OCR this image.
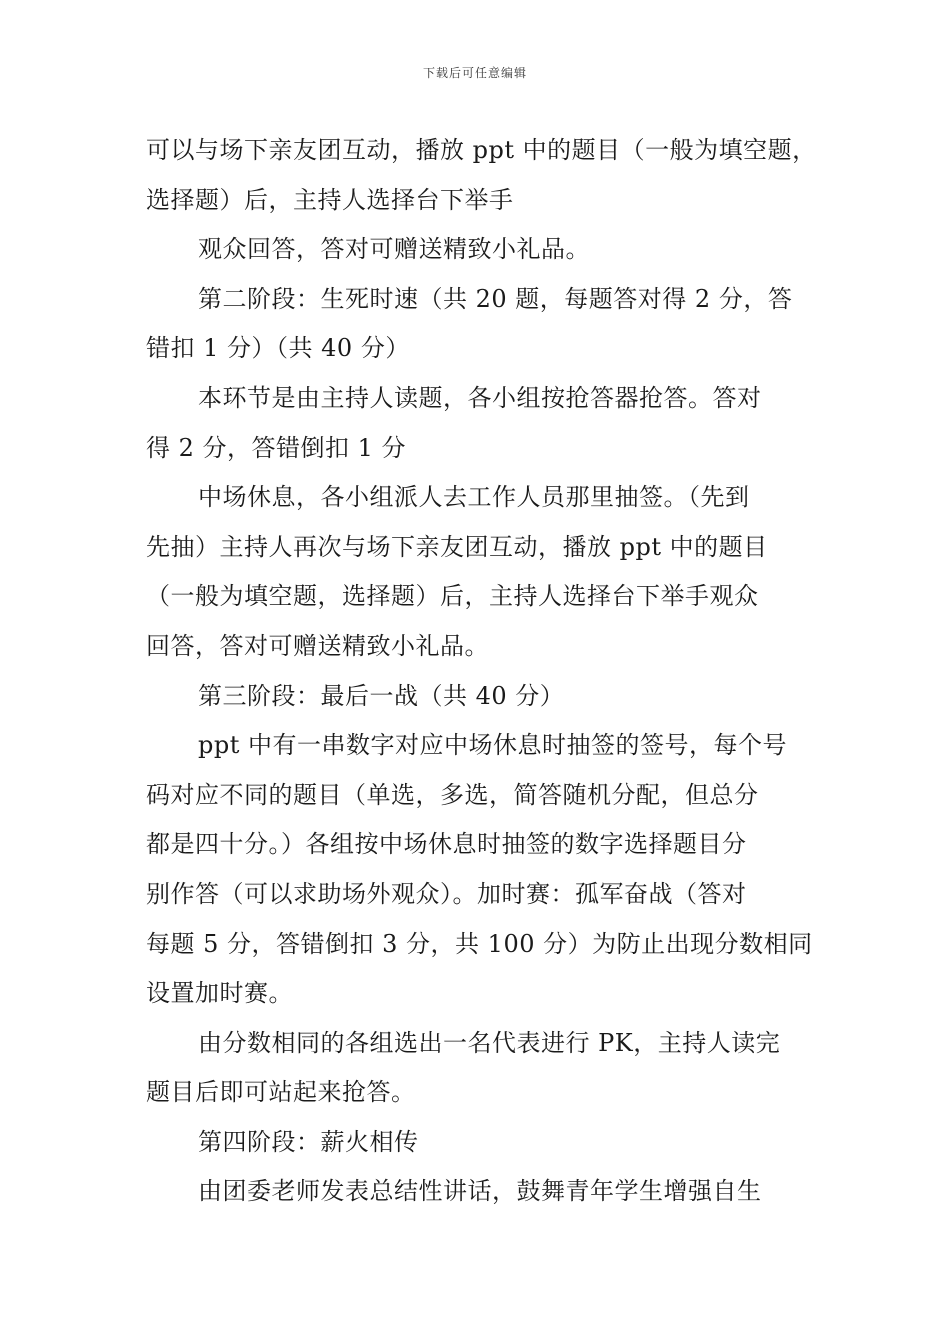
下载后可任意编辑
可以与场下亲友团互动，播放 ppt 中的题目（一般为填空题，
选择题）后，主持人选择台下举手
观众回答，答对可赠送精致小礼品。
第二阶段：生死时速（共 20 题，每题答对得 2 分，答
错扣 1 分）（共 40 分）
本环节是由主持人读题，各小组按抢答器抢答。答对
得 2 分，答错倒扣 1 分
中场休息，各小组派人去工作人员那里抽签。（先到
先抽）主持人再次与场下亲友团互动，播放 ppt 中的题目
（一般为填空题，选择题）后，主持人选择台下举手观众
回答，答对可赠送精致小礼品。
第三阶段：最后一战（共 40 分）
ppt 中有一串数字对应中场休息时抽签的签号，每个号
码对应不同的题目（单选，多选，简答随机分配，但总分
都是四十分。）各组按中场休息时抽签的数字选择题目分
别作答（可以求助场外观众）。加时赛：孤军奋战（答对
每题 5 分，答错倒扣 3 分，共 100 分）为防止出现分数相同
设置加时赛。
由分数相同的各组选出一名代表进行 PK，主持人读完
题目后即可站起来抢答。
第四阶段：薪火相传
由团委老师发表总结性讲话，鼓舞青年学生增强自生
